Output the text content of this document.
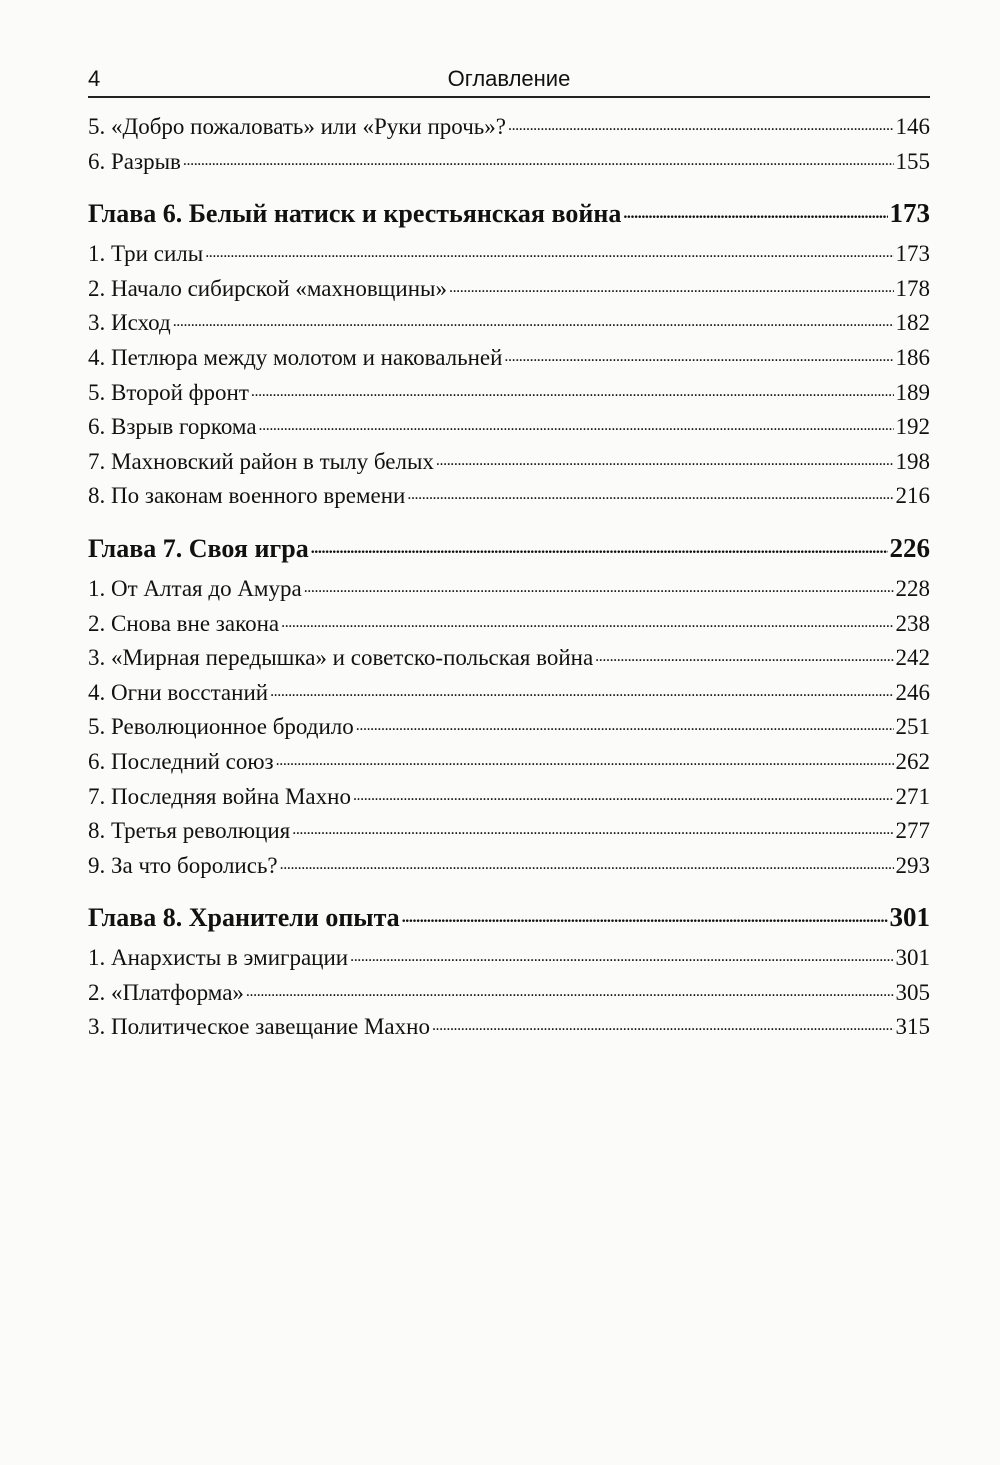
Оглавление
4
5. «Добро пожаловать» или «Руки прочь»? . . .	146
6. Разрыв . . .	155
Глава 6. Белый натиск и крестьянская война . . .	173
1. Три силы . . .	173
2. Начало сибирской «махновщины» . . .	178
3. Исход . . .	182
4. Петлюра между молотом и наковальней . . .	186
5. Второй фронт . . .	189
6. Взрыв горкома . . .	192
7. Махновский район в тылу белых . . .	198
8. По законам военного времени . . .	216
Глава 7. Своя игра . . .	226
1. От Алтая до Амура . . .	228
2. Снова вне закона . . .	238
3. «Мирная передышка» и советско-польская война . . .	242
4. Огни восстаний . . .	246
5. Революционное бродило . . .	251
6. Последний союз . . .	262
7. Последняя война Махно . . .	271
8. Третья революция . . .	277
9. За что боролись? . . .	293
Глава 8. Хранители опыта . . .	301
1. Анархисты в эмиграции . . .	301
2. «Платформа» . . .	305
3. Политическое завещание Махно . . .	315
